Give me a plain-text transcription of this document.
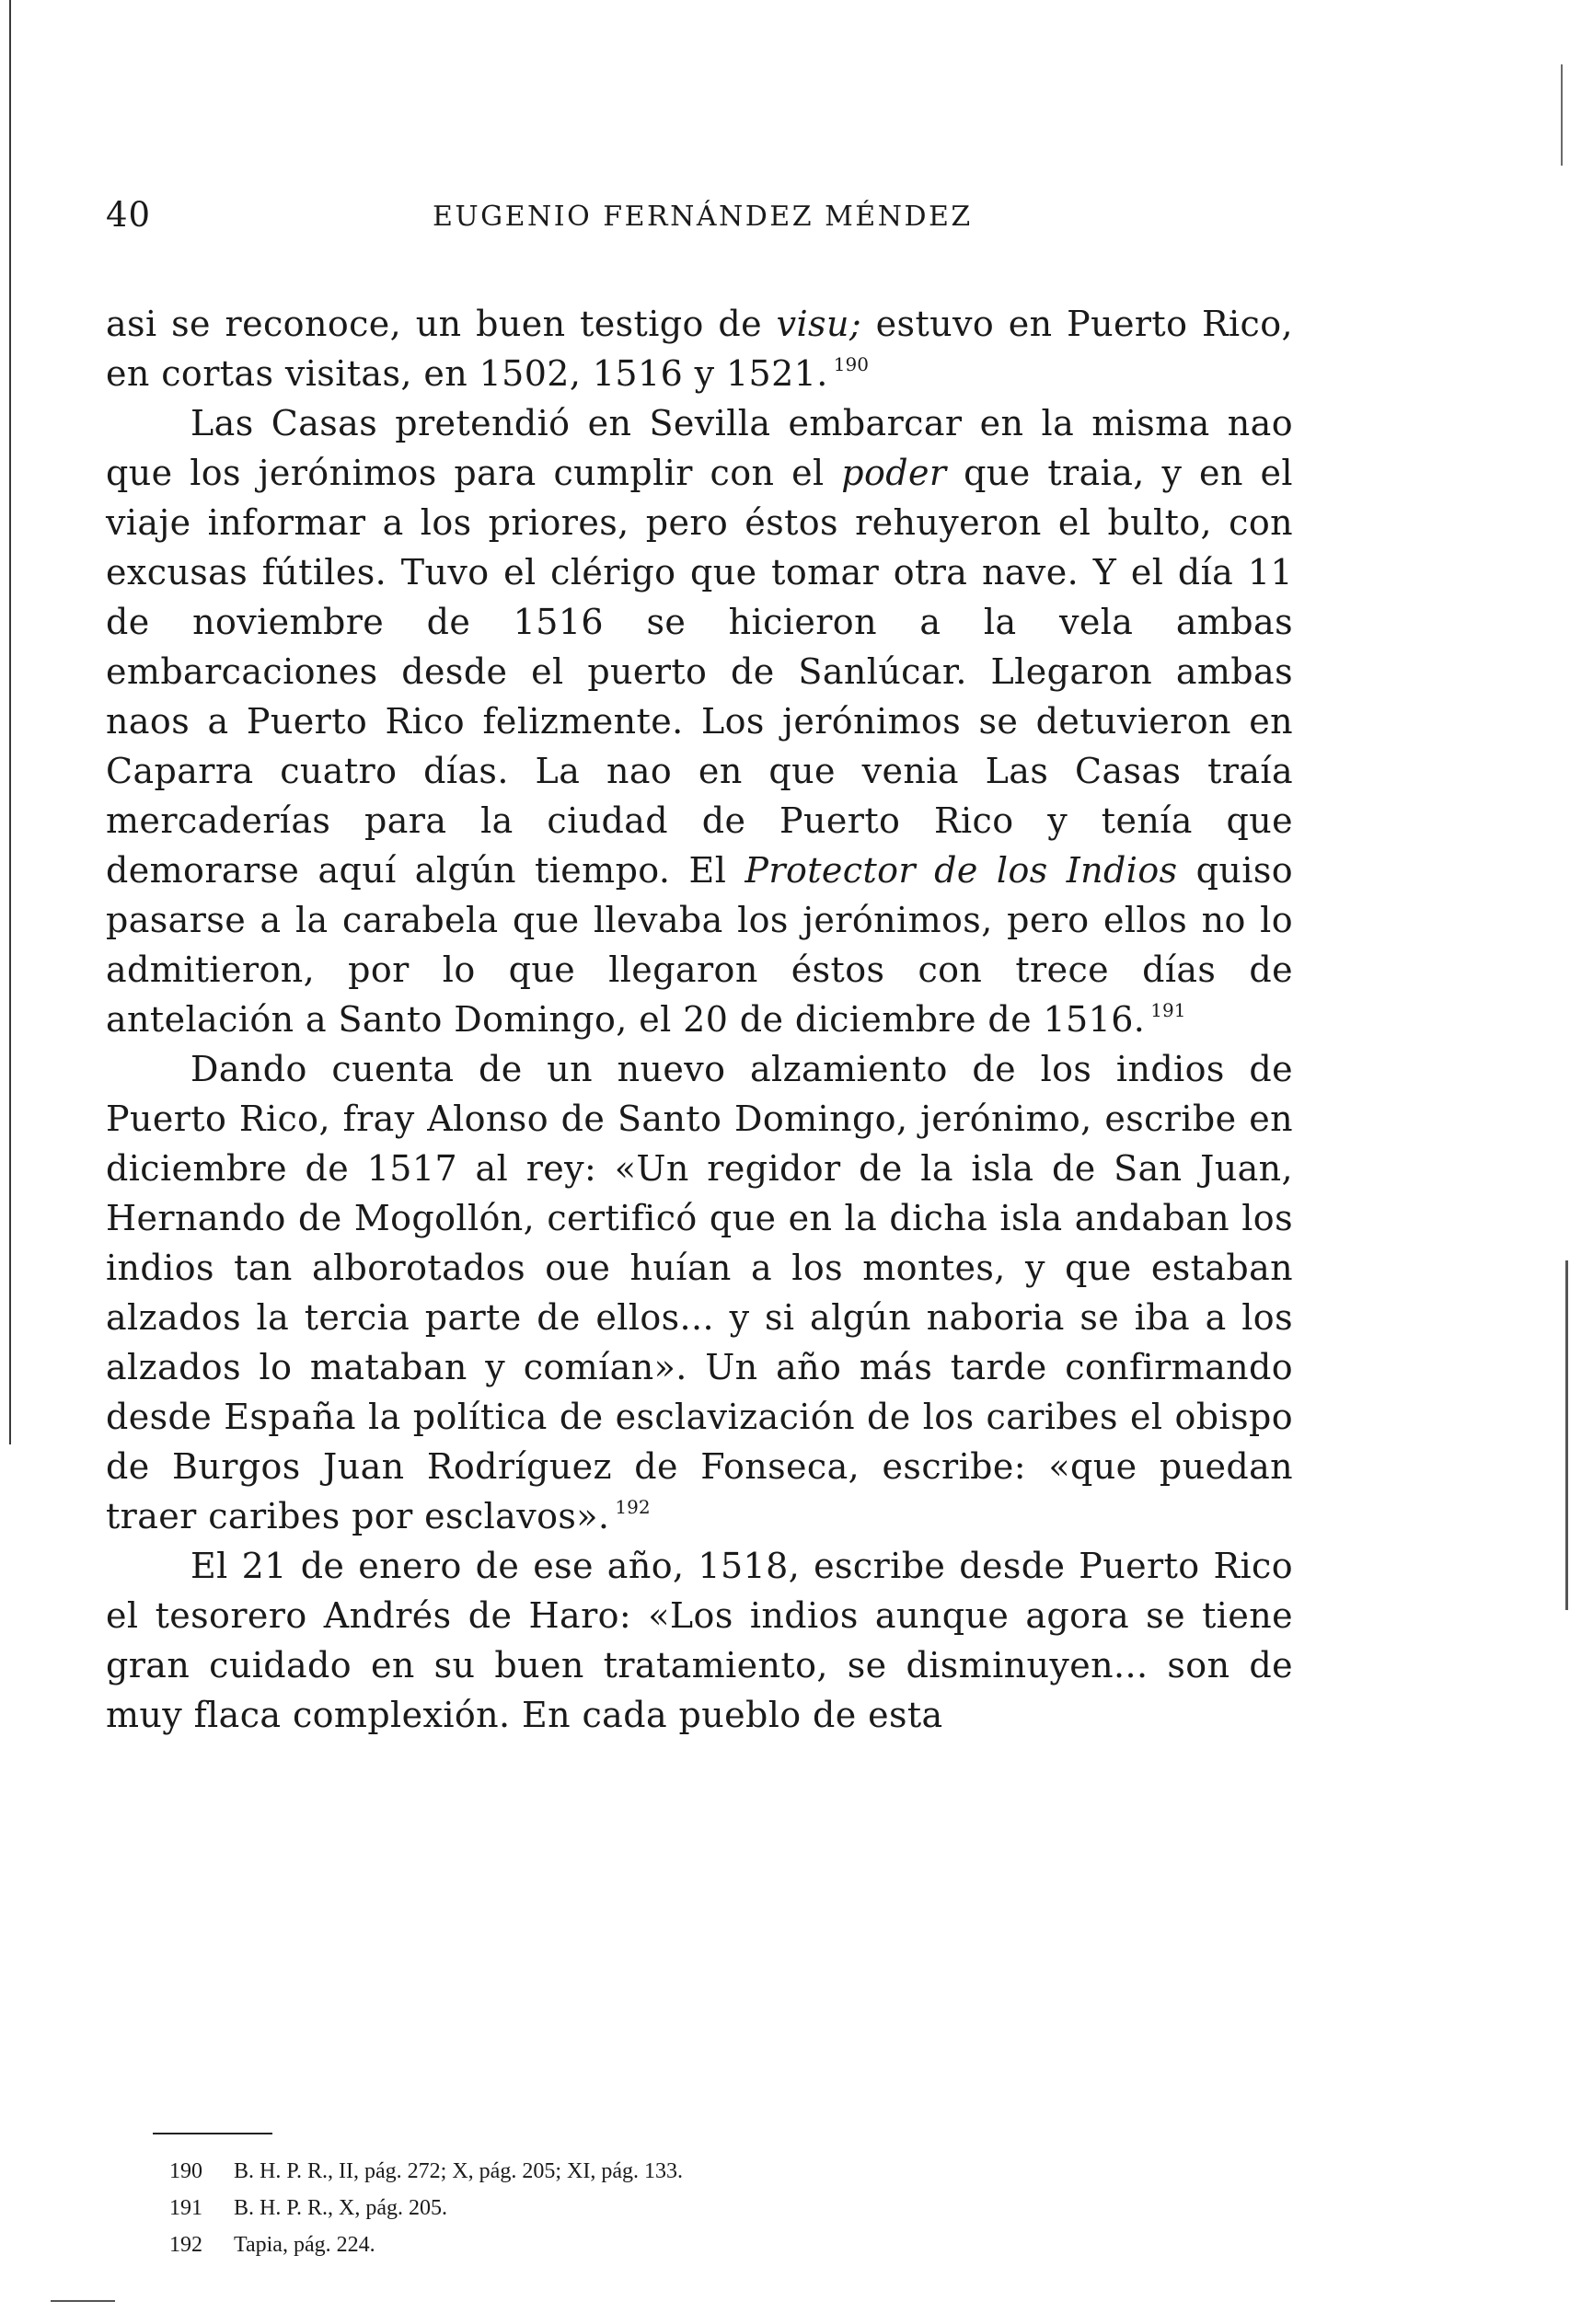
40	EUGENIO FERNÁNDEZ MÉNDEZ

asi se reconoce, un buen testigo de visu; estuvo en Puerto Rico, en cortas visitas, en 1502, 1516 y 1521. $^{190}$

Las Casas pretendió en Sevilla embarcar en la misma nao que los jerónimos para cumplir con el poder que traia, y en el viaje informar a los priores, pero éstos rehuyeron el bulto, con excusas fútiles. Tuvo el clérigo que tomar otra nave. Y el día 11 de noviembre de 1516 se hicieron a la vela ambas embarcaciones desde el puerto de Sanlúcar. Llegaron ambas naos a Puerto Rico felizmente. Los jerónimos se detuvieron en Caparra cuatro días. La nao en que venia Las Casas traía mercaderías para la ciudad de Puerto Rico y tenía que demorarse aquí algún tiempo. El Protector de los Indios quiso pasarse a la carabela que llevaba los jerónimos, pero ellos no lo admitieron, por lo que llegaron éstos con trece días de antelación a Santo Domingo, el 20 de diciembre de 1516. $^{191}$

Dando cuenta de un nuevo alzamiento de los indios de Puerto Rico, fray Alonso de Santo Domingo, jerónimo, escribe en diciembre de 1517 al rey: «Un regidor de la isla de San Juan, Hernando de Mogollón, certificó que en la dicha isla andaban los indios tan alborotados oue huían a los montes, y que estaban alzados la tercia parte de ellos... y si algún naboria se iba a los alzados lo mataban y comían». Un año más tarde confirmando desde España la política de esclavización de los caribes el obispo de Burgos Juan Rodríguez de Fonseca, escribe: «que puedan traer caribes por esclavos». $^{192}$

El 21 de enero de ese año, 1518, escribe desde Puerto Rico el tesorero Andrés de Haro: «Los indios aunque agora se tiene gran cuidado en su buen tratamiento, se disminuyen... son de muy flaca complexión. En cada pueblo de esta

190	B. H. P. R., II, pág. 272; X, pág. 205; XI, pág. 133.
191	B. H. P. R., X, pág. 205.
192	Tapia, pág. 224.
